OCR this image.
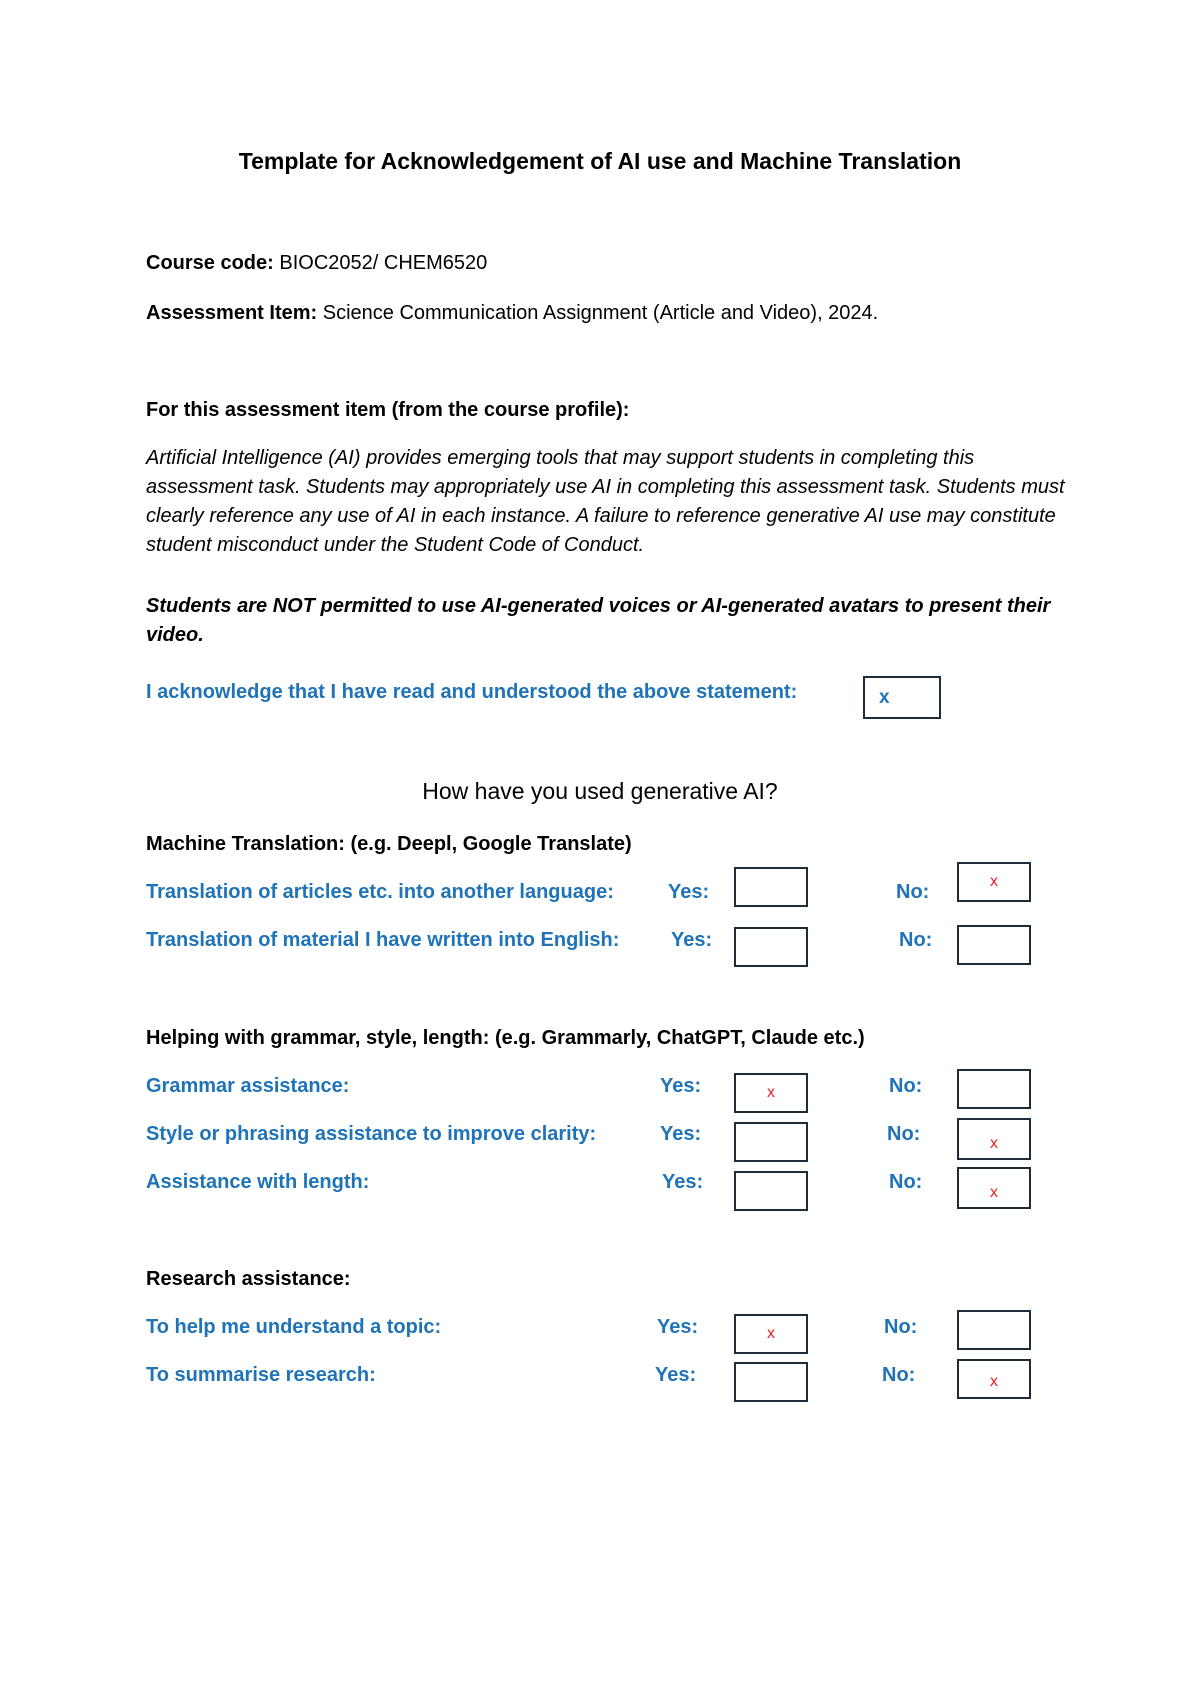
Template for Acknowledgement of AI use and Machine Translation
Course code: BIOC2052/ CHEM6520
Assessment Item: Science Communication Assignment (Article and Video), 2024.
For this assessment item (from the course profile):
Artificial Intelligence (AI) provides emerging tools that may support students in completing this assessment task. Students may appropriately use AI in completing this assessment task. Students must clearly reference any use of AI in each instance. A failure to reference generative AI use may constitute student misconduct under the Student Code of Conduct.
Students are NOT permitted to use AI-generated voices or AI-generated avatars to present their video.
I acknowledge that I have read and understood the above statement:	x
How have you used generative AI?
Machine Translation: (e.g. Deepl, Google Translate)
Translation of articles etc. into another language:	Yes:	No:	x
Translation of material I have written into English:	Yes:	No:
Helping with grammar, style, length: (e.g. Grammarly, ChatGPT, Claude etc.)
Grammar assistance:	Yes:	x	No:
Style or phrasing assistance to improve clarity:	Yes:	No:	x
Assistance with length:	Yes:	No:	x
Research assistance:
To help me understand a topic:	Yes:	x	No:
To summarise research:	Yes:	No:	x
